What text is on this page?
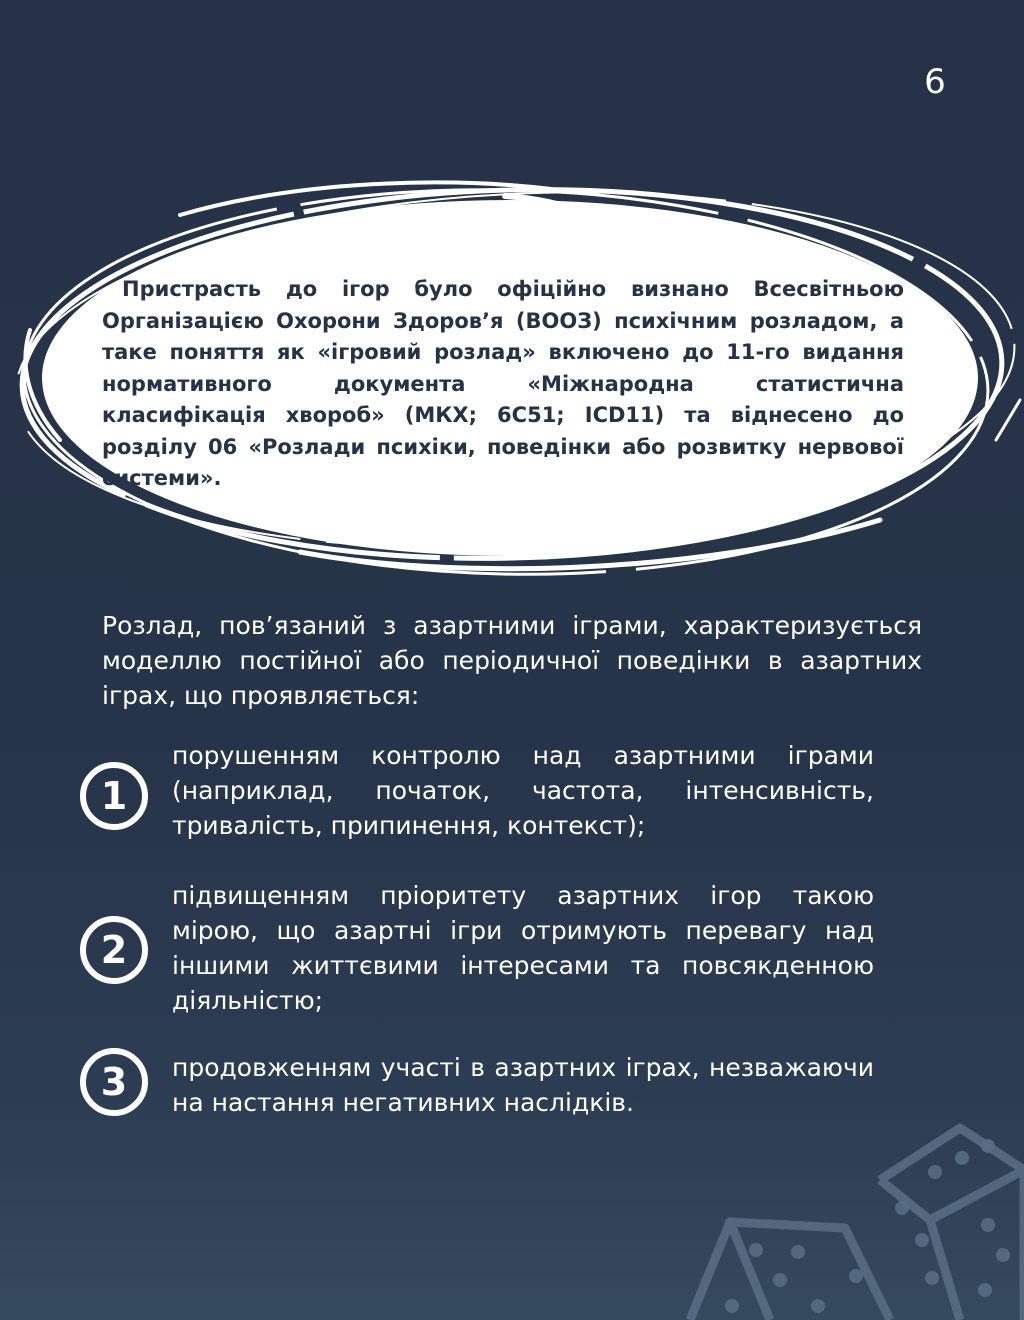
6

Пристрасть до ігор було офіційно визнано Всесвітньою Організацією Охорони Здоров’я (ВООЗ) психічним розладом, а таке поняття як «ігровий розлад» включено до 11-го видання нормативного документа «Міжнародна статистична класифікація хвороб» (МКХ; 6С51; ICD11) та віднесено до розділу 06 «Розлади психіки, поведінки або розвитку нервової системи».

Розлад, пов’язаний з азартними іграми, характеризується моделлю постійної або періодичної поведінки в азартних іграх, що проявляється:

1

порушенням контролю над азартними іграми (наприклад, початок, частота, інтенсивність, тривалість, припинення, контекст);

2

підвищенням пріоритету азартних ігор такою мірою, що азартні ігри отримують перевагу над іншими життєвими інтересами та повсякденною діяльністю;

3	продовженням участі в азартних іграх, незважаючи на настання негативних наслідків.
